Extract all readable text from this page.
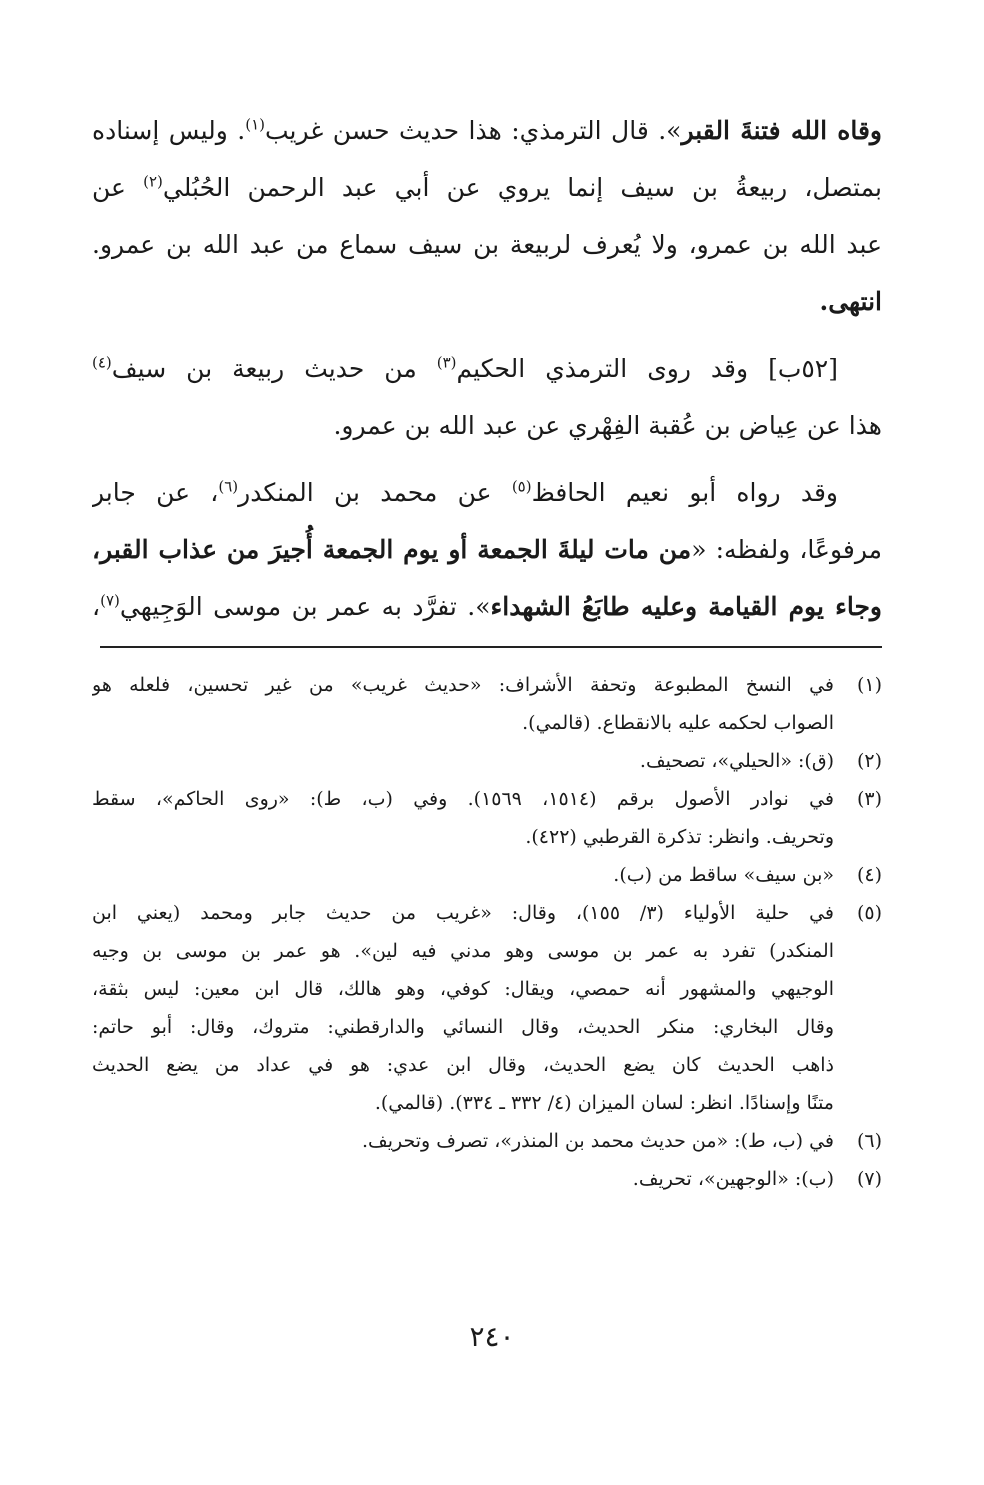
وقاه الله فتنةَ القبر». قال الترمذي: هذا حديث حسن غريب$^{(١)}$. وليس إسناده
بمتصل، ربيعةُ بن سيف إنما يروي عن أبي عبد الرحمن الحُبُلي$^{(٢)}$ عن
عبد الله بن عمرو، ولا يُعرف لربيعة بن سيف سماع من عبد الله بن عمرو.
انتهى.
[٥٢ب] وقد روى الترمذي الحكيم$^{(٣)}$ من حديث ربيعة بن سيف$^{(٤)}$
هذا عن عِياض بن عُقبة الفِهْري عن عبد الله بن عمرو.
وقد رواه أبو نعيم الحافظ$^{(٥)}$ عن محمد بن المنكدر$^{(٦)}$، عن جابر
مرفوعًا، ولفظه: «من مات ليلةَ الجمعة أو يوم الجمعة أُجيرَ من عذاب القبر،
وجاء يوم القيامة وعليه طابَعُ الشهداء». تفرَّد به عمر بن موسى الوَجِيهي$^{(٧)}$،
(١)
في النسخ المطبوعة وتحفة الأشراف: «حديث غريب» من غير تحسين، فلعله هو
الصواب لحكمه عليه بالانقطاع. (قالمي).
(٢)
(ق): «الحيلي»، تصحيف.
(٣)
في نوادر الأصول برقم (١٥١٤، ١٥٦٩). وفي (ب، ط): «روى الحاكم»، سقط
وتحريف. وانظر: تذكرة القرطبي (٤٢٢).
(٤)
«بن سيف» ساقط من (ب).
(٥)
في حلية الأولياء (٣/ ١٥٥)، وقال: «غريب من حديث جابر ومحمد (يعني ابن
المنكدر) تفرد به عمر بن موسى وهو مدني فيه لين». هو عمر بن موسى بن وجيه
الوجيهي والمشهور أنه حمصي، ويقال: كوفي، وهو هالك، قال ابن معين: ليس بثقة،
وقال البخاري: منكر الحديث، وقال النسائي والدارقطني: متروك، وقال: أبو حاتم:
ذاهب الحديث كان يضع الحديث، وقال ابن عدي: هو في عداد من يضع الحديث
متنًا وإسنادًا. انظر: لسان الميزان (٤/ ٣٣٢ ـ ٣٣٤). (قالمي).
(٦)
في (ب، ط): «من حديث محمد بن المنذر»، تصرف وتحريف.
(٧)
(ب): «الوجهين»، تحريف.
٢٤٠
